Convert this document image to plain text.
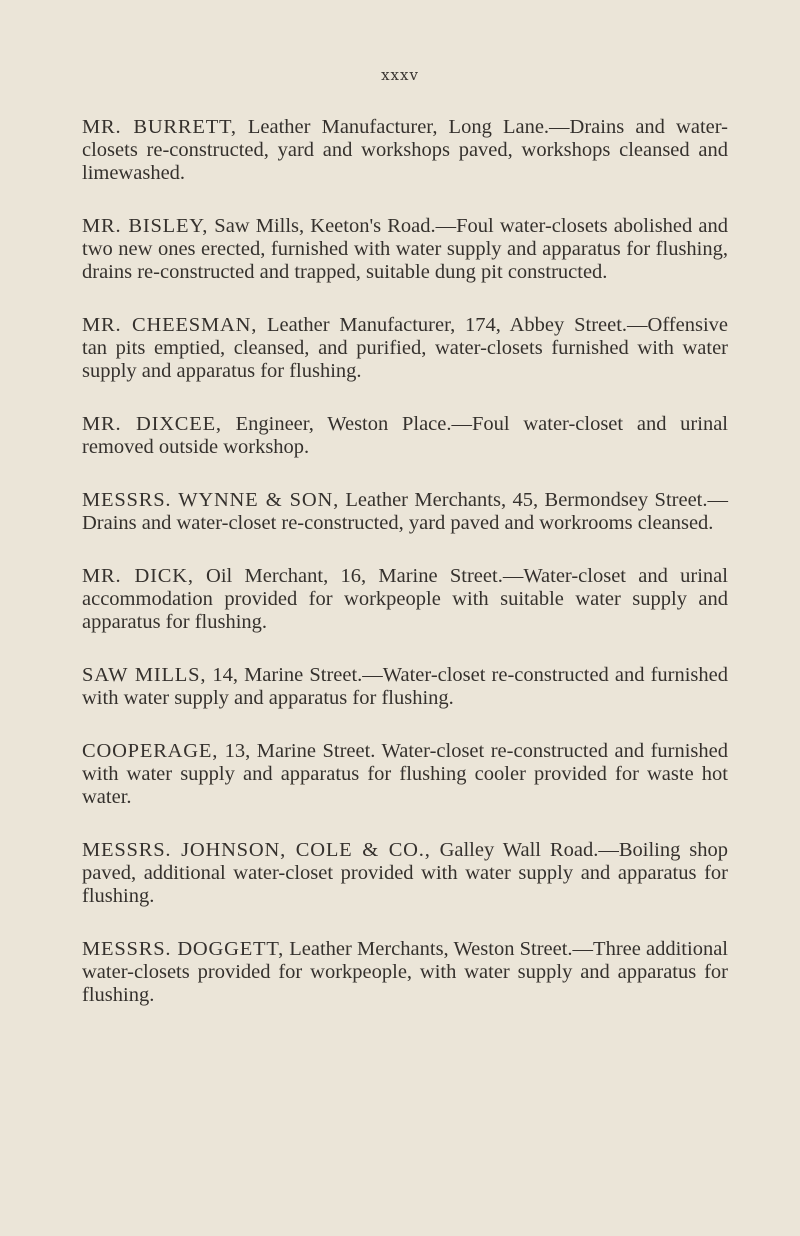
xxxv

MR. BURRETT, Leather Manufacturer, Long Lane.—Drains and water-closets re-constructed, yard and workshops paved, workshops cleansed and limewashed.

MR. BISLEY, Saw Mills, Keeton's Road.—Foul water-closets abolished and two new ones erected, furnished with water supply and apparatus for flushing, drains re-constructed and trapped, suitable dung pit constructed.

MR. CHEESMAN, Leather Manufacturer, 174, Abbey Street.—Offensive tan pits emptied, cleansed, and purified, water-closets furnished with water supply and apparatus for flushing.

MR. DIXCEE, Engineer, Weston Place.—Foul water-closet and urinal removed outside workshop.

MESSRS. WYNNE & SON, Leather Merchants, 45, Bermondsey Street.—Drains and water-closet re-constructed, yard paved and workrooms cleansed.

MR. DICK, Oil Merchant, 16, Marine Street.—Water-closet and urinal accommodation provided for workpeople with suitable water supply and apparatus for flushing.

SAW MILLS, 14, Marine Street.—Water-closet re-constructed and furnished with water supply and apparatus for flushing.

COOPERAGE, 13, Marine Street. Water-closet re-constructed and furnished with water supply and apparatus for flushing cooler provided for waste hot water.

MESSRS. JOHNSON, COLE & CO., Galley Wall Road.—Boiling shop paved, additional water-closet provided with water supply and apparatus for flushing.

MESSRS. DOGGETT, Leather Merchants, Weston Street.—Three additional water-closets provided for workpeople, with water supply and apparatus for flushing.
